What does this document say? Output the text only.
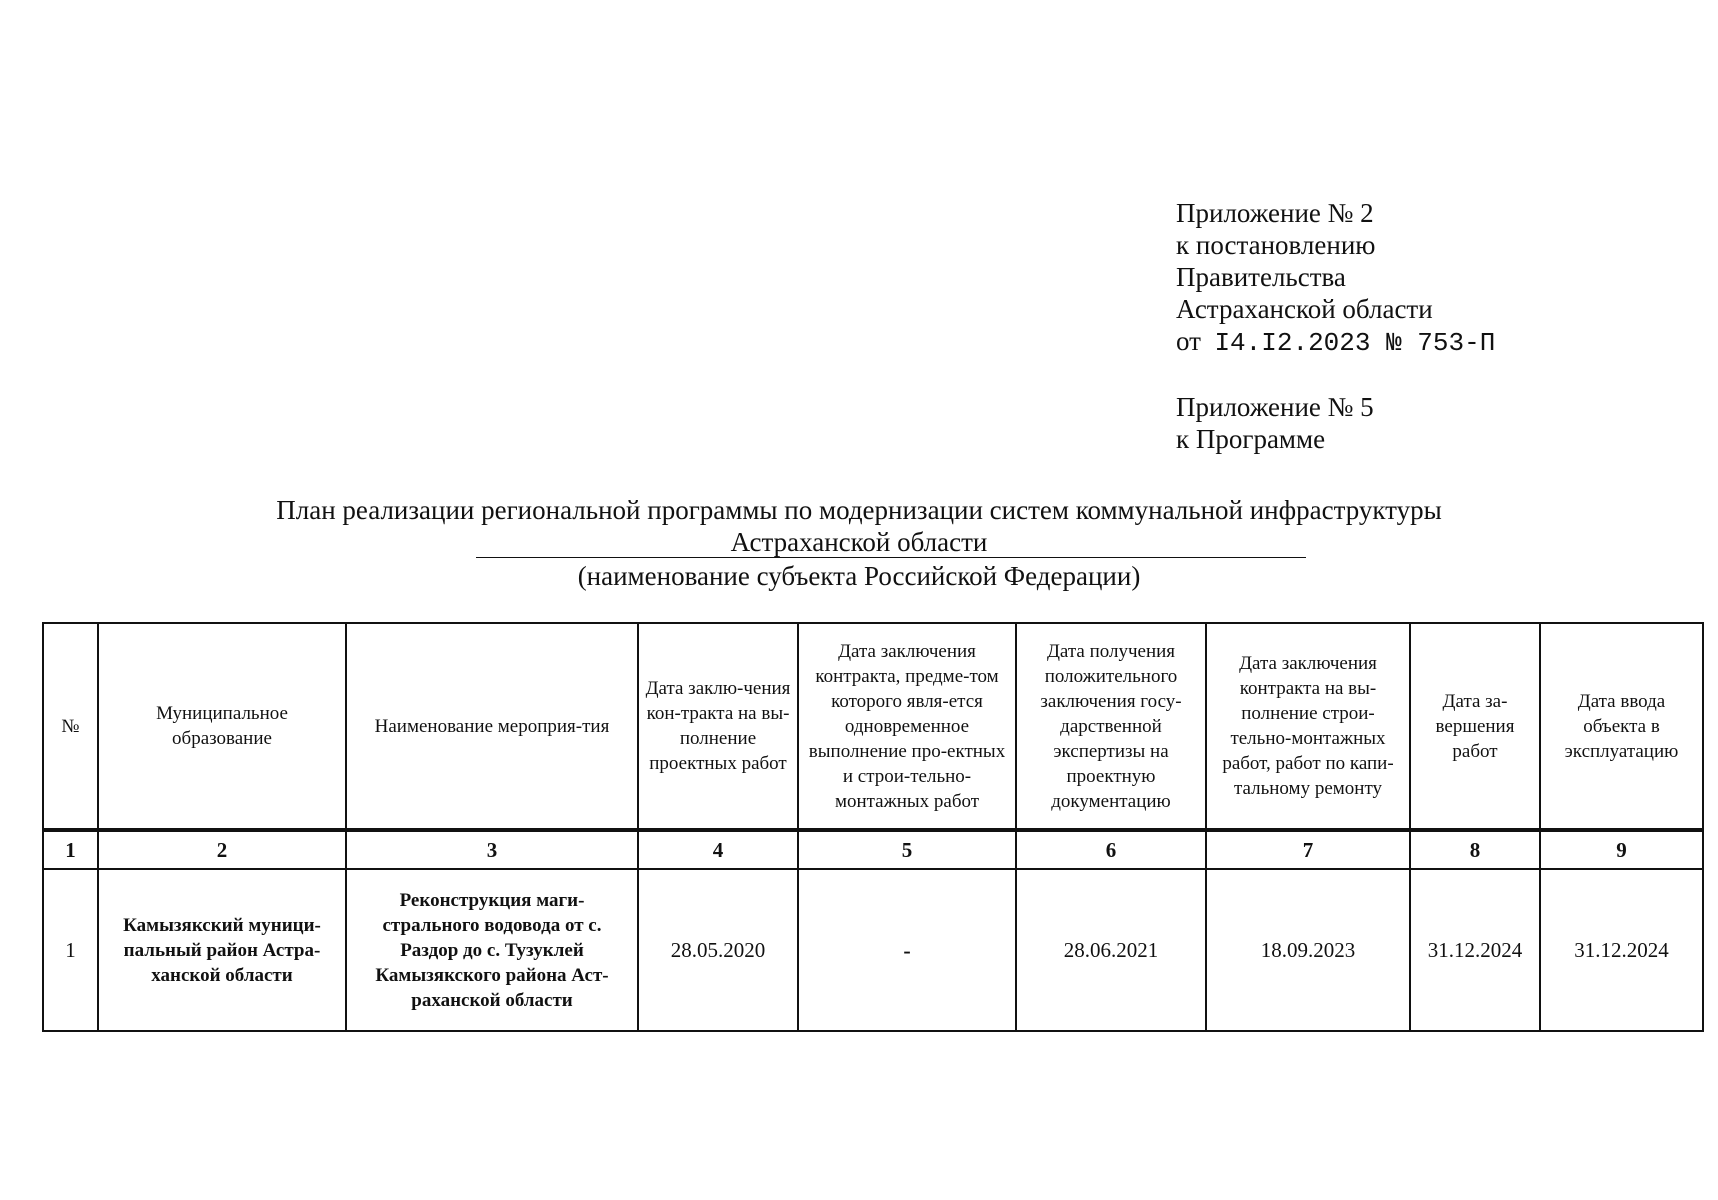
Приложение № 2
к постановлению
Правительства
Астраханской области
от I4.I2.2023 № 753-П
Приложение № 5
к Программе
План реализации региональной программы по модернизации систем коммунальной инфраструктуры
Астраханской области
(наименование субъекта Российской Федерации)
№	Муниципальное образование	Наименование мероприя-тия	Дата заклю-чения кон-тракта на вы-полнение проектных работ	Дата заключения контракта, предме-том которого явля-ется одновременное выполнение про-ектных и строи-тельно-монтажных работ	Дата получения положительного заключения госу-дарственной экспертизы на проектную документацию	Дата заключения контракта на вы-полнение строи-тельно-монтажных работ, работ по капи-тальному ремонту	Дата за-вершения работ	Дата ввода объекта в эксплуатацию
1	2	3	4	5	6	7	8	9
1	Камызякский муници-пальный район Астра-ханской области	Реконструкция маги-стрального водовода от с. Раздор до с. Тузуклей Камызякского района Аст-раханской области	28.05.2020	-	28.06.2021	18.09.2023	31.12.2024	31.12.2024
